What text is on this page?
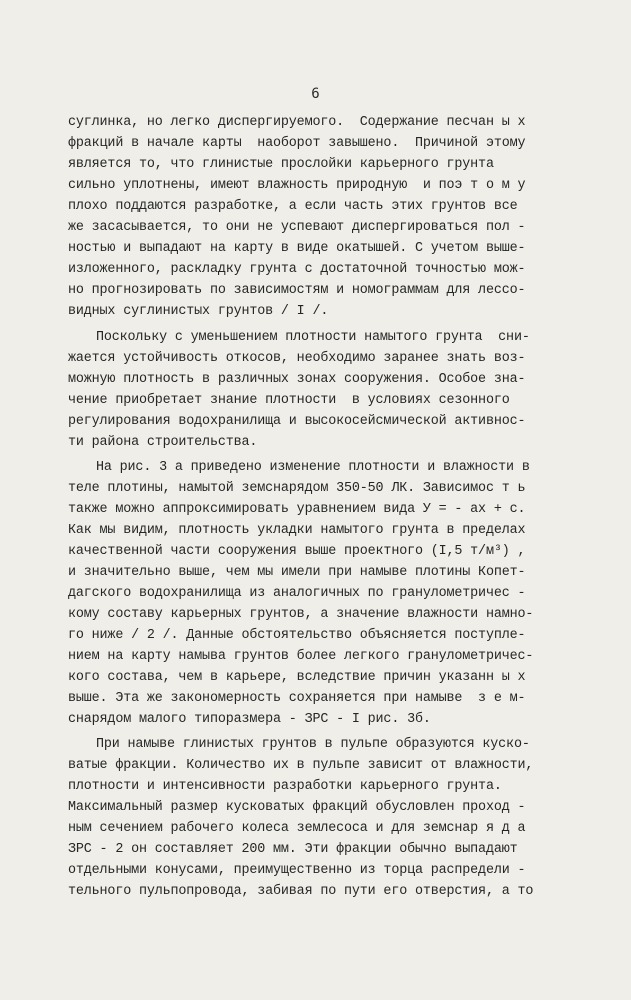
6
суглинка, но легко диспергируемого.  Содержание песчан ы х
фракций в начале карты  наоборот завышено.  Причиной этому
является то, что глинистые прослойки карьерного грунта
сильно уплотнены, имеют влажность природную  и поэ т о м у
плохо поддаются разработке, а если часть этих грунтов все
же засасывается, то они не успевают диспергироваться пол -
ностью и выпадают на карту в виде окатышей. С учетом выше-
изложенного, раскладку грунта с достаточной точностью мож-
но прогнозировать по зависимостям и номограммам для лессо-
видных суглинистых грунтов / I /.
Поскольку с уменьшением плотности намытого грунта  сни-
жается устойчивость откосов, необходимо заранее знать воз-
можную плотность в различных зонах сооружения. Особое зна-
чение приобретает знание плотности  в условиях сезонного
регулирования водохранилища и высокосейсмической активнос-
ти района строительства.
На рис. 3 а приведено изменение плотности и влажности в
теле плотины, намытой земснарядом 350-50 ЛК. Зависимос т ь
также можно аппроксимировать уравнением вида У = - ах + с.
Как мы видим, плотность укладки намытого грунта в пределах
качественной части сооружения выше проектного (I,5 т/м³) ,
и значительно выше, чем мы имели при намыве плотины Копет-
дагского водохранилища из аналогичных по гранулометричес -
кому составу карьерных грунтов, а значение влажности намно-
го ниже / 2 /. Данные обстоятельство объясняется поступле-
нием на карту намыва грунтов более легкого гранулометричес-
кого состава, чем в карьере, вследствие причин указанн ы х
выше. Эта же закономерность сохраняется при намыве  з е м-
снарядом малого типоразмера - ЗРС - I рис. 3б.
При намыве глинистых грунтов в пульпе образуются куско-
ватые фракции. Количество их в пульпе зависит от влажности,
плотности и интенсивности разработки карьерного грунта.
Максимальный размер кусковатых фракций обусловлен проход -
ным сечением рабочего колеса землесоса и для земснар я д а
ЗРС - 2 он составляет 200 мм. Эти фракции обычно выпадают
отдельными конусами, преимущественно из торца распредели -
тельного пульпопровода, забивая по пути его отверстия, а то
